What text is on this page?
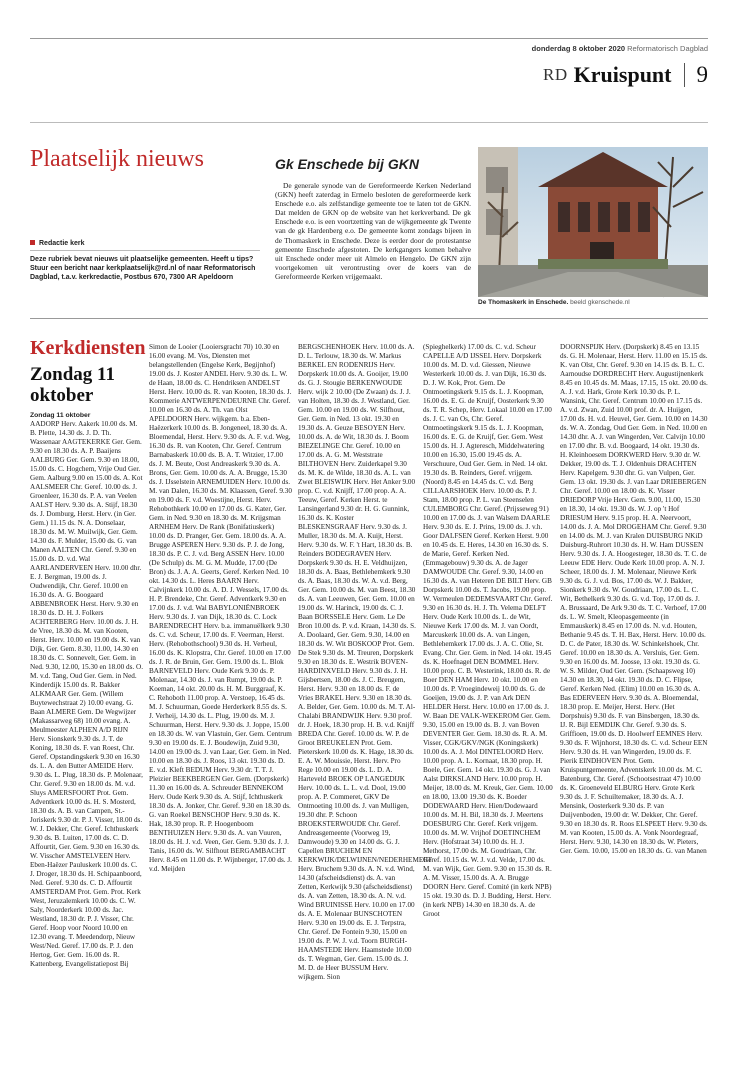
donderdag 8 oktober 2020 Reformatorisch Dagblad
RD Kruispunt 9
Plaatselijk nieuws
Redactie kerk
Deze rubriek bevat nieuws uit plaatselijke gemeenten. Heeft u tips? Stuur een bericht naar kerkplaatselijk@rd.nl of naar Reformatorisch Dagblad, t.a.v. kerkredactie, Postbus 670, 7300 AR Apeldoorn
Gk Enschede bij GKN

De generale synode van de Gereformeerde Kerken Nederland (GKN) heeft zaterdag in Ermelo besloten de gereformeerde kerk Enschede e.o. als zelfstandige gemeente toe te laten tot de GKN. Dat melden de GKN op de website van het kerkverband. De gk Enschede e.o. is een voortzetting van de wijkgemeente gk Twente van de gk Hardenberg e.o. De gemeente komt zondags bijeen in de Thomaskerk in Enschede. Deze is eerder door de protestantse gemeente Enschede afgestoten. De kerkgangers komen behalve uit Enschede onder meer uit Almelo en Hengelo. De GKN zijn voortgekomen uit verontrusting over de koers van de Gereformeerde Kerken vrijgemaakt.

De Thomaskerk in Enschede. beeld gkenschede.nl
Kerkdiensten
Zondag 11 oktober
Zondag 11 oktober
AADORP Herv. Aakerk 10.00 ds. M. B. Plette, 14.30 ds. J. D. Th. Wassenaar AAGTEKERKE Ger. Gem. 9.30 en 18.30 ds. A. P. Baaijens AALBURG Ger. Gem. 9.30 en 18.00, 15.00 ds. C. Hogchem, Vrije Oud Ger. Gem. Aalburg 9.00 en 15.00 ds. A. Kot AALSMEER Chr. Geref. 10.00 ds. J. Groenleer, 16.30 ds. P. A. van Veelen AALST Herv. 9.30 ds. A. Stijf, 18.30 ds. J. Domburg, Herst. Herv. (in Ger. Gem.) 11.15 ds. N. A. Donselaar, 18.30 ds. M. W. Muilwijk, Ger. Gem. 14.30 ds. F. Mulder, 15.00 ds. G. van Manen AALTEN Chr. Geref. 9.30 en 15.00 ds. D. v.d. Wal AARLANDERVEEN Herv. 10.00 dhr. E. J. Bergman, 19.00 ds. J. Oudwendijk, Chr. Geref. 10.00 en 16.30 ds. A. G. Boogaard ABBENBROEK Herst. Herv. 9.30 en 18.30 ds. D. H. J. Folkers ACHTERBERG Herv. 10.00 ds. J. H. de Vree, 18.30 ds. M. van Kooten, Herst. Herv. 10.00 en 19.00 ds. K. van Dijk, Ger. Gem. 8.30, 11.00, 14.30 en 18.30 ds. C. Sonnevelt, Ger. Gem. in Ned. 9.30, 12.00, 15.30 en 18.00 ds. O. M. v.d. Tang, Oud Ger. Gem. in Ned. Kinderdijk 15.00 ds. R. Bakker ALKMAAR Ger. Gem. (Willem Buytewechstraat 2) 10.00 evang. G. Baan ALMERE Gem. De Wegwijzer (Makassarweg 68) 10.00 evang. A. Meulmeester ALPHEN A/D RIJN Herv. Sionskerk 9.30 ds. J. T. de Koning, 18.30 ds. F. van Roest, Chr. Geref. Opstandingskerk 9.30 en 16.30 ds. L. A. den Butter AMEIDE Herv. 9.30 ds. L. Plug, 18.30 ds. P. Molenaar, Chr. Geref. 9.30 en 18.00 ds. M. v.d. Sluys AMERSFOORT Prot. Gem. Adventkerk 10.00 ds. H. S. Mosterd, 18.30 ds. A. B. van Campen, St.-Joriskerk 9.30 dr. P. J. Visser, 18.00 ds. W. J. Dekker, Chr. Geref. Ichthuskerk 9.30 ds. B. Luiten, 17.00 ds. C. D. Affourtit, Ger. Gem. 9.30 en 16.30 ds. W. Visscher AMSTELVEEN Herv. Eben-Haëzer Pauluskerk 10.00 ds. C. J. Droger, 18.30 ds. H. Schipaanboord, Ned. Geref. 9.30 ds. C. D. Affourtit AMSTERDAM Prot. Gem. Prot. Kerk West, Jeruzalemkerk 10.00 ds. C. W. Saly, Noorderkerk 10.00 ds. Jac. Westland, 18.30 dr. P. J. Visser, Chr. Geref. Hoop voor Noord 10.00 en 12.30 evang. T. Meedendorp, Nieuw West/Ned. Geref. 17.00 ds. P. J. den Hertog, Ger. Gem. 16.00 ds. R. Kattenberg, Evangelistatiepost Bij
Simon de Looier (Looiersgracht 70) 10.30 en 16.00 evang. M. Vos, Diensten met belangstellenden (Engelse Kerk, Begijnhof) 19.00 ds. J. Koster ANDEL Herv. 9.30 ds. L. W. de Haan, 18.00 ds. C. Hendriksen ANDELST Herst. Herv. 10.00 ds. R. van Kooten, 18.30 ds. J. Kommerie ANTWERPEN/DEURNE Chr. Geref. 10.00 en 16.30 ds. A. Th. van Olst APELDOORN Herv. wijkgem. b.a. Eben-Haëzerkerk 10.00 ds. B. Jongeneel, 18.30 ds. A. Bloemendal, Herst. Herv. 9.30 ds. A. F. v.d. Weg, 16.30 ds. R. van Kooten, Chr. Geref. Centrum Barnabaskerk 10.00 ds. B. A. T. Witzier, 17.00 ds. J. M. Beute, Oost Andreaskerk 9.30 ds. A. Brons, Ger. Gem. 10.00 ds. A. A. Brugge, 15.30 ds. J. IJsselstein ARNEMUIDEN Herv. 10.00 ds. M. van Dalen, 16.30 ds. M. Klaassen, Geref. 9.30 en 19.00 ds. F. v.d. Woestijne, Herst. Herv. Rehobothkerk 10.00 en 17.00 ds. G. Kater, Ger. Gem. in Ned. 9.30 en 18.30 ds. M. Krijgsman ARNHEM Herv. De Rank (Bonifatiuskerk) 10.00 ds. D. Pranger, Ger. Gem. 18.00 ds. A. A. Brugge ASPEREN Herv. 9.30 ds. P. J. de Jong, 18.30 ds. P. C. J. v.d. Berg ASSEN Herv. 10.00 (De Schulp) ds. M. G. M. Mudde, 17.00 (De Bron) ds. J. A. A. Geerts, Geref. Kerken Ned. 10 okt. 14.30 ds. L. Heres BAARN Herv. Calvijnkerk 10.00 ds. A. D. J. Wessels, 17.00 ds. H. P. Brendeke, Chr. Geref. Adventkerk 9.30 en 17.00 ds. J. v.d. Wal BABYLONIËNBROEK Herv. 9.30 ds. J. van Dijk, 18.30 ds. C. Lock BARENDRECHT Herv. b.a. immanuëlkerk 9.30 ds. C. v.d. Scheur, 17.00 ds. F. Veerman, Herst. Herv. (Rehobothschool) 9.30 ds. H. Verheul, 16.00 ds. K. Klopstra, Chr. Geref. 10.00 en 17.00 ds. J. R. de Bruin, Ger. Gem. 19.00 ds. L. Blok BARNEVELD Herv. Oude Kerk 9.30 ds. P. Molenaar, 14.30 ds. J. van Rumpt, 19.00 ds. P. Koeman, 14 okt. 20.00 ds. H. M. Burggraaf, K. C. Rehoboth 11.00 prop. A. Verstoep, 16.45 ds. M. J. Schuurman, Goede Herderkerk 8.55 ds. S. J. Verheij, 14.30 ds. L. Plug, 19.00 ds. M. J. Schuurman, Herst. Herv. 9.30 ds. J. Joppe, 15.00 en 18.30 ds. W. van Vlastuin, Ger. Gem. Centrum 9.30 en 19.00 ds. E. J. Boudewijn, Zuid 9.30, 14.00 en 19.00 ds. J. van Laar, Ger. Gem. in Ned. 10.00 en 18.30 ds. J. Roos, 13 okt. 19.30 ds. D. E. v.d. Kleft BEDUM Herv. 9.30 dr. T. T. J. Pleizier BEEKBERGEN Ger. Gem. (Dorpskerk) 11.30 en 16.00 ds. A. Schreuder BENNEKOM Herv. Oude Kerk 9.30 ds. A. Stijf, Ichthuskerk 18.30 ds. A. Jonker, Chr. Geref. 9.30 en 18.30 ds. G. van Roekel BENSCHOP Herv. 9.30 ds. K. Hak, 18.30 prop. R. P. Hoogenboom BENTHUIZEN Herv. 9.30 ds. A. van Vuuren, 18.00 ds. H. J. v.d. Veen, Ger. Gem. 9.30 ds. J. J. Tanis, 16.00 ds. W. Silfhout BERGAMBACHT Herv. 8.45 en 11.00 ds. P. Wijnberger, 17.00 ds. J. v.d. Meijden
BERGSCHENHOEK Herv. 10.00 ds. A. D. L. Terlouw, 18.30 ds. W. Markus BERKEL EN RODENRIJS Herv. Dorpskerk 10.00 ds. A. Gooijer, 19.00 ds. G. J. Stougie BERKENWOUDE Herv. wijk 2 10.00 (De Zwaan) ds. J. J. van Holten, 18.30 ds. J. Westland, Ger. Gem. 10.00 en 19.00 ds. W. Silfhout, Ger. Gem. in Ned. 13 okt. 19.30 en 19.30 ds. A. Geuze BESOYEN Herv. 10.00 ds. A. de Wit, 18.30 ds. J. Boom BIEZELINGE Chr. Geref. 10.00 en 17.00 ds. A. G. M. Weststrate BILTHOVEN Herv. Zuiderkapel 9.30 ds. M. K. de Wilde, 18.30 ds. A. L. van Zwet BLEISWIJK Herv. Het Anker 9.00 prop. C. v.d. Knijff, 17.00 prop. A. A. Teeuw, Geref. Kerken Herst. te Lansingerland 9.30 dr. H. G. Gunnink, 16.30 ds. K. Koster BLESKENSGRAAF Herv. 9.30 ds. J. Muller, 18.30 ds. M. A. Kuijt, Herst. Herv. 9.30 ds. W. F. 't Hart, 18.30 ds. B. Reinders BODEGRAVEN Herv. Dorpskerk 9.30 ds. H. E. Veldhuijzen, 18.30 ds. A. Baas, Bethlehemkerk 9.30 ds. A. Baas, 18.30 ds. W. A. v.d. Berg, Ger. Gem. 10.00 ds. M. van Beest, 18.30 ds. A. van Leeuwen, Ger. Gem. 10.00 en 19.00 ds. W. Harinck, 19.00 ds. C. J. Baan BORSSELE Herv. Gem. Le De Bron 10.00 ds. P. v.d. Kraan, 14.30 ds. S. A. Doolaard, Ger. Gem. 9.30, 14.00 en 18.30 ds. W. Wit BOSKOOP Prot. Gem. De Stek 9.30 ds. M. Treuren, Dorpskerk 9.30 en 18.30 ds. E. Westrik BOVEN-HARDINXVELD Herv. 9.30 ds. J. H. Gijsbertsen, 18.00 ds. J. C. Breugem, Herst. Herv. 9.30 en 18.00 ds. F. de Vries BRAKEL Herv. 9.30 en 18.30 ds. A. Belder, Ger. Gem. 10.00 ds. M. T. Al-Chalabi BRANDWIJK Herv. 9.30 prof. dr. J. Hoek, 18.30 prop. H. B. v.d. Knijff BREDA Chr. Geref. 10.00 ds. W. P. de Groot BREUKELEN Prot. Gem. Pieterskerk 10.00 ds. K. Hage, 18.30 ds. E. A. W. Mouissie, Herst. Herv. Pro Rege 10.00 en 19.00 ds. L. D. A. Harteveld BROEK OP LANGEDIJK Herv. 10.00 ds. L. L. v.d. Dool, 19.00 prop. A. P. Commeret, GKV De Ontmoeting 10.00 ds. J. van Mulligen, 19.30 dhr. P. Schoon BROEKSTERWOUDE Chr. Geref. Andreasgemeente (Voorweg 19, Damwoude) 9.30 en 14.00 ds. G. J. Capellen BRUCHEM EN KERKWIJK/DELWIJNEN/NEDERHEMERT Herv. Bruchem 9.30 ds. A. N. v.d. Wind, 14.30 (afscheidsdienst) ds. A. van Zetten, Kerkwijk 9.30 (afscheidsdienst) ds. A. van Zetten, 18.30 ds. A. N. v.d. Wind BRUINISSE Herv. 10.00 en 17.00 ds. A. E. Molenaar BUNSCHOTEN Herv. 9.30 en 19.00 ds. E. J. Terpstra, Chr. Geref. De Fontein 9.30, 15.00 en 19.00 ds. P. W. J. v.d. Toorn BURGH-HAAMSTEDE Herv. Haamstede 10.00 ds. T. Wegman, Ger. Gem. 15.00 ds. J. M. D. de Heer BUSSUM Herv. wijkgem. Sion
(Spieghelkerk) 17.00 ds. C. v.d. Scheur CAPELLE A/D IJSSEL Herv. Dorpskerk 10.00 ds. M. D. v.d. Giessen, Nieuwe Westerkerk 10.00 ds. J. van Dijk, 16.30 ds. D. J. W. Kok, Prot. Gem. De Ontmoetingskerk 9.15 ds. L. J. Koopman, 16.00 ds. E. G. de Kruijf, Oosterkerk 9.30 ds. T. R. Schep, Herv. Lokaal 10.00 en 17.00 ds. J. C. van Os, Chr. Geref. Ontmoetingskerk 9.15 ds. L. J. Koopman, 16.00 ds. E. G. de Kruijf, Ger. Gem. West 15.00 ds. H. J. Agteresch, Middelwatering 10.00 en 16.30, 15.00 19.45 ds. A. Verschuure, Oud Ger. Gem. in Ned. 14 okt. 19.30 ds. B. Reinders, Geref. vrijgem. (Noord) 8.45 en 14.45 ds. C. v.d. Berg CILLAARSHOEK Herv. 10.00 ds. P. J. Stam, 18.00 prop. P. L. van Steenselen CULEMBORG Chr. Geref. (Prijsseweg 91) 10.00 en 17.00 ds. J. van Walsem DAARLE Herv. 9.30 ds. E. J. Prins, 19.00 ds. J. v.h. Goor DALFSEN Geref. Kerken Herst. 9.00 en 10.45 ds. E. Heres, 14.30 en 16.30 ds. S. de Marie, Geref. Kerken Ned. (Emmagebouw) 9.30 ds. A. de Jager DAMWOUDE Chr. Geref. 9.30, 14.00 en 16.30 ds. A. van Heteren DE BILT Herv. GB Dorpskerk 10.00 ds. T. Jacobs, 19.00 prop. W. Vermeulen DEDEMSVAART Chr. Geref. 9.30 en 16.30 ds. H. J. Th. Velema DELFT Herv. Oude Kerk 10.00 ds. L. de Wit, Nieuwe Kerk 17.00 ds. M. J. van Oordt, Marcuskerk 10.00 ds. A. van Lingen, Bethlehemkerk 17.00 ds. J. A. C. Olie, St. Evang. Chr. Ger. Gem. in Ned. 14 okt. 19.45 ds. K. Hoefnagel DEN BOMMEL Herv. 10.00 prop. C. B. Westerink, 18.00 ds. R. de Boer DEN HAM Herv. 10 okt. 10.00 en 10.00 ds. P. Vroegindeweij 10.00 ds. G. de Goeijen, 19.00 ds. J. P. van Ark DEN HELDER Herst. Herv. 10.00 en 17.00 ds. J. W. Baan DE VALK-WEKEROM Ger. Gem. 9.30, 15.00 en 19.00 ds. B. J. van Boven DEVENTER Ger. Gem. 18.30 ds. R. A. M. Visser, CGK/GKV/NGK (Koningskerk) 10.00 ds. A. J. Mol DINTELOORD Herv. 10.00 prop. A. L. Kornaat, 18.30 prop. H. Boele, Ger. Gem. 14 okt. 19.30 ds. G. J. van Aalst DIRKSLAND Herv. 10.00 prop. H. Meijer, 18.00 ds. M. Kreuk, Ger. Gem. 10.00 en 18.00, 13.00 19.30 ds. K. Boeder DODEWAARD Herv. Hien/Dodewaard 10.00 ds. M. H. Bil, 18.30 ds. J. Meertens DOESBURG Chr. Geref. Kerk vrijgem. 10.00 ds. M. W. Vrijhof DOETINCHEM Herv. (Hofstraat 34) 10.00 ds. H. J. Methorst, 17.00 ds. M. Goudriaan, Chr. Geref. 10.15 ds. W. J. v.d. Velde, 17.00 ds. M. van Wijk, Ger. Gem. 9.30 en 15.30 ds. R. A. M. Visser, 15.00 ds. A. A. Brugge DOORN Herv. Geref. Comité (in kerk NPB) 15 okt. 19.30 ds. D. J. Budding, Herst. Herv. (in kerk NPB) 14.30 en 18.30 ds. A. de Groot
DOORNSPIJK Herv. (Dorpskerk) 8.45 en 13.15 ds. G. H. Molenaar, Herst. Herv. 11.00 en 15.15 ds. K. van Olst, Chr. Geref. 9.30 en 14.15 ds. B. L. C. Aarnoudse DORDRECHT Herv. Augustijnenkerk 8.45 en 10.45 ds. M. Maas, 17.15, 15 okt. 20.00 ds. A. J. v.d. Hark, Grote Kerk 10.30 ds. P. L. Wansink, Chr. Geref. Centrum 10.00 en 17.15 ds. A. v.d. Zwan, Zuid 10.00 prof. dr. A. Huijgen, 17.00 ds. H. v.d. Heuvel, Ger. Gem. 10.00 en 14.30 ds. W. A. Zondag, Oud Ger. Gem. in Ned. 10.00 en 14.30 dhr. A. J. van Wingerden, Ver. Calvijn 10.00 en 17.00 dhr. B. v.d. Boogaard, 14 okt. 19.30 ds. H. Kleinhoesem DORKWERD Herv. 9.30 dr. W. Dekker, 19.00 ds. T. J. Oldenhuis DRACHTEN Herv. Kapelgem. 9.30 dhr. G. van Vulpen, Ger. Gem. 13 okt. 19.30 ds. J. van Laar DRIEBERGEN Chr. Geref. 10.00 en 18.00 ds. K. Visser DRIEDORP Vrije Herv. Gem. 9.00, 11.00, 15.30 en 18.30, 14 okt. 19.30 ds. W. J. op 't Hof DRIESUM Herv. 9.15 prop. H. A. Neervoort, 14.00 ds. J. A. Mol DROGEHAM Chr. Geref. 9.30 en 14.00 ds. M. J. van Kralen DUISBURG NKiD Duisburg-Ruhrort 10.30 ds. H. W. Ham DUSSEN Herv. 9.30 ds. J. A. Hoogesteger, 18.30 ds. T. C. de Leeuw EDE Herv. Oude Kerk 10.00 prop. A. N. J. Scheer, 18.00 ds. J. M. Molenaar, Nieuwe Kerk 9.30 ds. G. J. v.d. Bos, 17.00 ds. W. J. Bakker, Sionkerk 9.30 ds. W. Goudriaan, 17.00 ds. L. C. Wit, Bethelkerk 9.30 ds. G. v.d. Top, 17.00 ds. J. A. Brussaard, De Ark 9.30 ds. T. C. Verhoef, 17.00 ds. L. W. Smelt, Kleopasgemeente (in Emmauskerk) 8.45 en 17.00 ds. N. v.d. Houten, Bethanie 9.45 ds. T. H. Bax, Herst. Herv. 10.00 ds. D. C. de Pater, 18.30 ds. W. Schinkelshoek, Chr. Geref. 10.00 en 18.30 ds. A. Versluis, Ger. Gem. 9.30 en 16.00 ds. M. Joosse, 13 okt. 19.30 ds. G. W. S. Milder, Oud Ger. Gem. (Schaapsweg 10) 14.30 en 18.30, 14 okt. 19.30 ds. D. C. Flipse, Geref. Kerken Ned. (Elim) 10.00 en 16.30 ds. A. Bas EDERVEEN Herv. 9.30 ds. A. Bloemendal, 18.30 prop. E. Meijer, Herst. Herv. (Het Dorpshuis) 9.30 ds. F. van Binsbergen, 18.30 ds. IJ. R. Bijl EEMDIJK Chr. Geref. 9.30 ds. S. Griffioen, 19.00 ds. D. Hoolwerf EEMNES Herv. 9.30 ds. F. Wijnhorst, 18.30 ds. C. v.d. Scheur EEN Herv. 9.30 ds. H. van Wingerden, 19.00 ds. F. Pierik EINDHOVEN Prot. Gem. Kruispuntgemeente, Adventskerk 10.00 ds. M. C. Batenburg, Chr. Geref. (Schootsestraat 47) 10.00 ds. K. Groeneveld ELBURG Herv. Grote Kerk 9.30 ds. J. F. Schuiltemaker, 18.30 ds. A. J. Mensink, Oosterkerk 9.30 ds. P. van Duijvenboden, 19.00 dr. W. Dekker, Chr. Geref. 9.30 en 18.30 ds. R. Roos ELSPEET Herv. 9.30 ds. M. van Kooten, 15.00 ds. A. Vonk Noordegraaf, Herst. Herv. 9.30, 14.30 en 18.30 ds. W. Pieters, Ger. Gem. 10.00, 15.00 en 18.30 ds. G. van Manen
